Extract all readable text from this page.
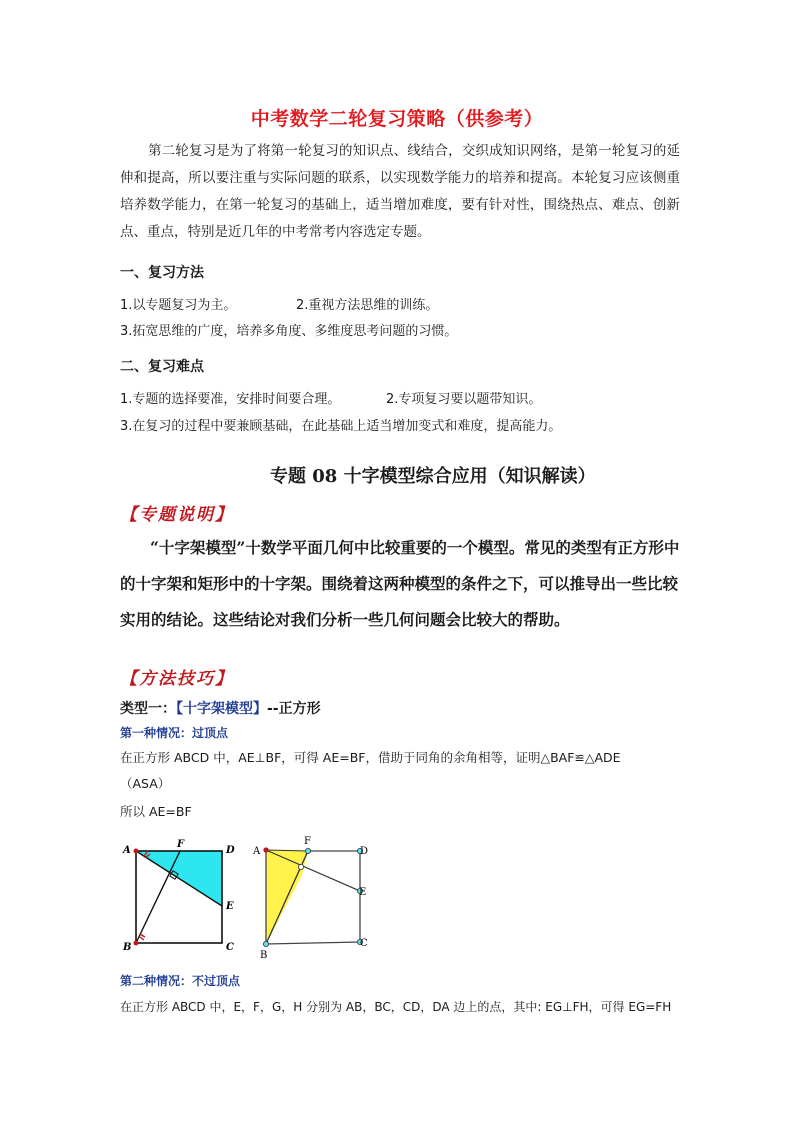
中考数学二轮复习策略（供参考）
第二轮复习是为了将第一轮复习的知识点、线结合，交织成知识网络，是第一轮复习的延伸和提高，所以要注重与实际问题的联系，以实现数学能力的培养和提高。本轮复习应该侧重培养数学能力，在第一轮复习的基础上，适当增加难度，要有针对性，围绕热点、难点、创新点、重点，特别是近几年的中考常考内容选定专题。
一、复习方法
1.以专题复习为主。	2.重视方法思维的训练。
3.拓宽思维的广度，培养多角度、多维度思考问题的习惯。
二、复习难点
1.专题的选择要准，安排时间要合理。	2.专项复习要以题带知识。
3.在复习的过程中要兼顾基础，在此基础上适当增加变式和难度，提高能力。
专题 08 十字模型综合应用（知识解读）
【专题说明】
“十字架模型”十数学平面几何中比较重要的一个模型。常见的类型有正方形中的十字架和矩形中的十字架。围绕着这两种模型的条件之下，可以推导出一些比较实用的结论。这些结论对我们分析一些几何问题会比较大的帮助。
【方法技巧】
类型一：【十字架模型】--正方形
第一种情况：过顶点
在正方形 ABCD 中，AE⊥BF，可得 AE=BF，借助于同角的余角相等，证明△BAF≌△ADE
（ASA）
所以 AE=BF
A
B	C
D
E
F
A
B
C
D
E
F
第二种情况：不过顶点
在正方形 ABCD 中，E，F，G，H 分别为 AB，BC，CD，DA 边上的点，其中: EG⊥FH，可得 EG=FH
